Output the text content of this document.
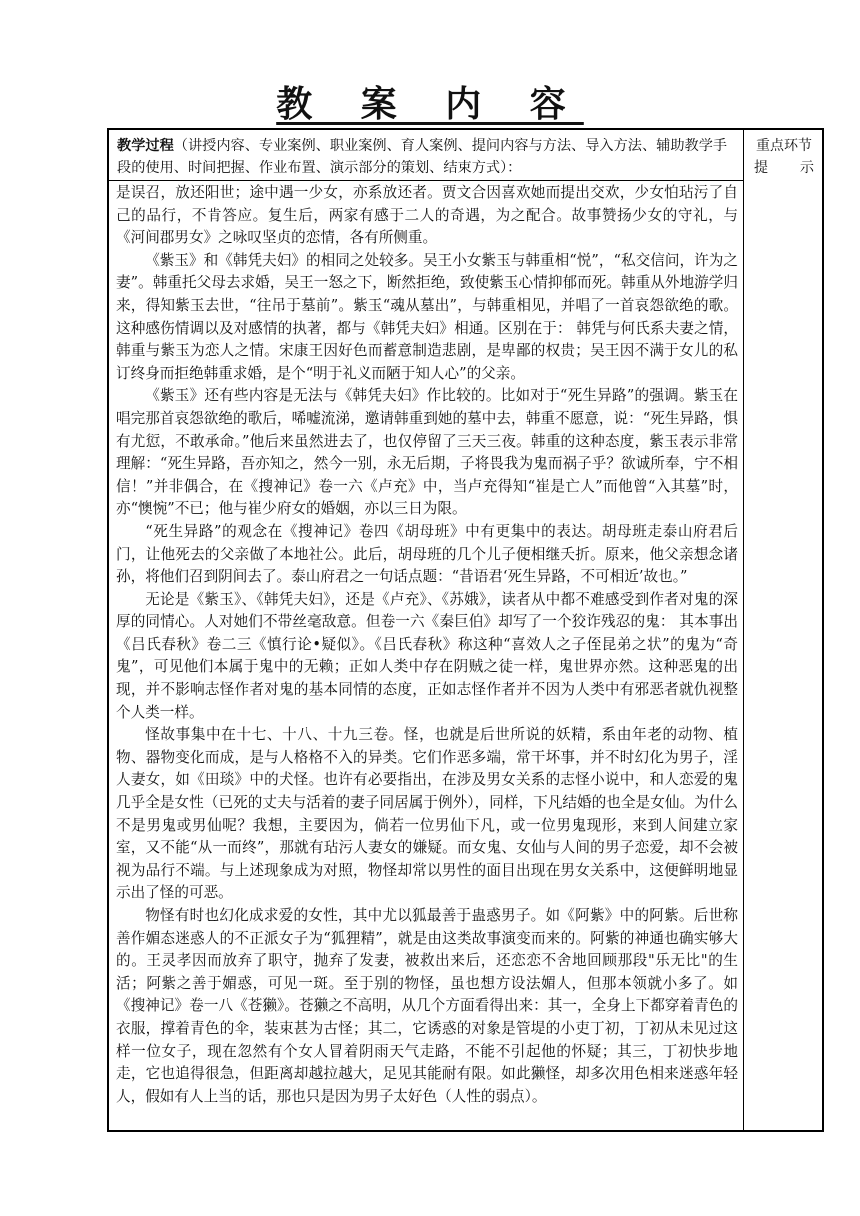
教 案 内 容
教学过程（讲授内容、专业案例、职业案例、育人案例、提问内容与方法、导入方法、辅助教学手段的使用、时间把握、作业布置、演示部分的策划、结束方式）：
重点环节
提 示

是误召，放还阳世；途中遇一少女，亦系放还者。贾文合因喜欢她而提出交欢，少女怕玷污了自己的品行，不肯答应。复生后，两家有感于二人的奇遇，为之配合。故事赞扬少女的守礼，与《河间郡男女》之咏叹坚贞的恋情，各有所侧重。

《紫玉》和《韩凭夫妇》的相同之处较多。吴王小女紫玉与韩重相“悦”，“私交信问，许为之妻”。韩重托父母去求婚，吴王一怒之下，断然拒绝，致使紫玉心情抑郁而死。韩重从外地游学归来，得知紫玉去世，“往吊于墓前”。紫玉“魂从墓出”，与韩重相见，并唱了一首哀怨欲绝的歌。这种感伤情调以及对感情的执著，都与《韩凭夫妇》相通。区别在于： 韩凭与何氏系夫妻之情，韩重与紫玉为恋人之情。宋康王因好色而蓄意制造悲剧，是卑鄙的权贵；吴王因不满于女儿的私订终身而拒绝韩重求婚，是个“明于礼义而陋于知人心”的父亲。

《紫玉》还有些内容是无法与《韩凭夫妇》作比较的。比如对于“死生异路”的强调。紫玉在唱完那首哀怨欲绝的歌后，唏嘘流涕，邀请韩重到她的墓中去，韩重不愿意，说：“死生异路，惧有尤愆，不敢承命。”他后来虽然进去了，也仅停留了三天三夜。韩重的这种态度，紫玉表示非常理解：“死生异路，吾亦知之，然今一别，永无后期，子将畏我为鬼而祸子乎？欲诚所奉，宁不相信！”并非偶合，在《搜神记》卷一六《卢充》中，当卢充得知“崔是亡人”而他曾“入其墓”时，亦“懊惋”不已；他与崔少府女的婚姻，亦以三日为限。

“死生异路”的观念在《搜神记》卷四《胡母班》中有更集中的表达。胡母班走泰山府君后门，让他死去的父亲做了本地社公。此后，胡母班的几个儿子便相继夭折。原来，他父亲想念诸孙，将他们召到阴间去了。泰山府君之一句话点题：“昔语君‘死生异路，不可相近’故也。”

无论是《紫玉》、《韩凭夫妇》，还是《卢充》、《苏娥》，读者从中都不难感受到作者对鬼的深厚的同情心。人对她们不带丝毫敌意。但卷一六《秦巨伯》却写了一个狡诈残忍的鬼： 其本事出《吕氏春秋》卷二三《慎行论•疑似》。《吕氏春秋》称这种“喜效人之子侄昆弟之状”的鬼为“奇鬼”，可见他们本属于鬼中的无赖；正如人类中存在阴贼之徒一样，鬼世界亦然。这种恶鬼的出现，并不影响志怪作者对鬼的基本同情的态度，正如志怪作者并不因为人类中有邪恶者就仇视整个人类一样。

怪故事集中在十七、十八、十九三卷。怪，也就是后世所说的妖精，系由年老的动物、植物、器物变化而成，是与人格格不入的异类。它们作恶多端，常干坏事，并不时幻化为男子，淫人妻女，如《田琰》中的犬怪。也许有必要指出，在涉及男女关系的志怪小说中，和人恋爱的鬼几乎全是女性（已死的丈夫与活着的妻子同居属于例外），同样，下凡结婚的也全是女仙。为什么不是男鬼或男仙呢？我想，主要因为，倘若一位男仙下凡，或一位男鬼现形，来到人间建立家室，又不能“从一而终”，那就有玷污人妻女的嫌疑。而女鬼、女仙与人间的男子恋爱，却不会被视为品行不端。与上述现象成为对照，物怪却常以男性的面目出现在男女关系中，这便鲜明地显示出了怪的可恶。

物怪有时也幻化成求爱的女性，其中尤以狐最善于蛊惑男子。如《阿紫》中的阿紫。后世称善作媚态迷惑人的不正派女子为“狐狸精”，就是由这类故事演变而来的。阿紫的神通也确实够大的。王灵孝因而放弃了职守，抛弃了发妻，被救出来后，还恋恋不舍地回顾那段"乐无比"的生活；阿紫之善于媚惑，可见一斑。至于别的物怪，虽也想方设法媚人，但那本领就小多了。如《搜神记》卷一八《苍獭》。苍獭之不高明，从几个方面看得出来：其一，全身上下都穿着青色的衣服，撑着青色的伞，装束甚为古怪；其二，它诱惑的对象是管堤的小吏丁初，丁初从未见过这样一位女子，现在忽然有个女人冒着阴雨天气走路，不能不引起他的怀疑；其三，丁初快步地走，它也追得很急，但距离却越拉越大，足见其能耐有限。如此獭怪，却多次用色相来迷惑年轻人，假如有人上当的话，那也只是因为男子太好色（人性的弱点）。
